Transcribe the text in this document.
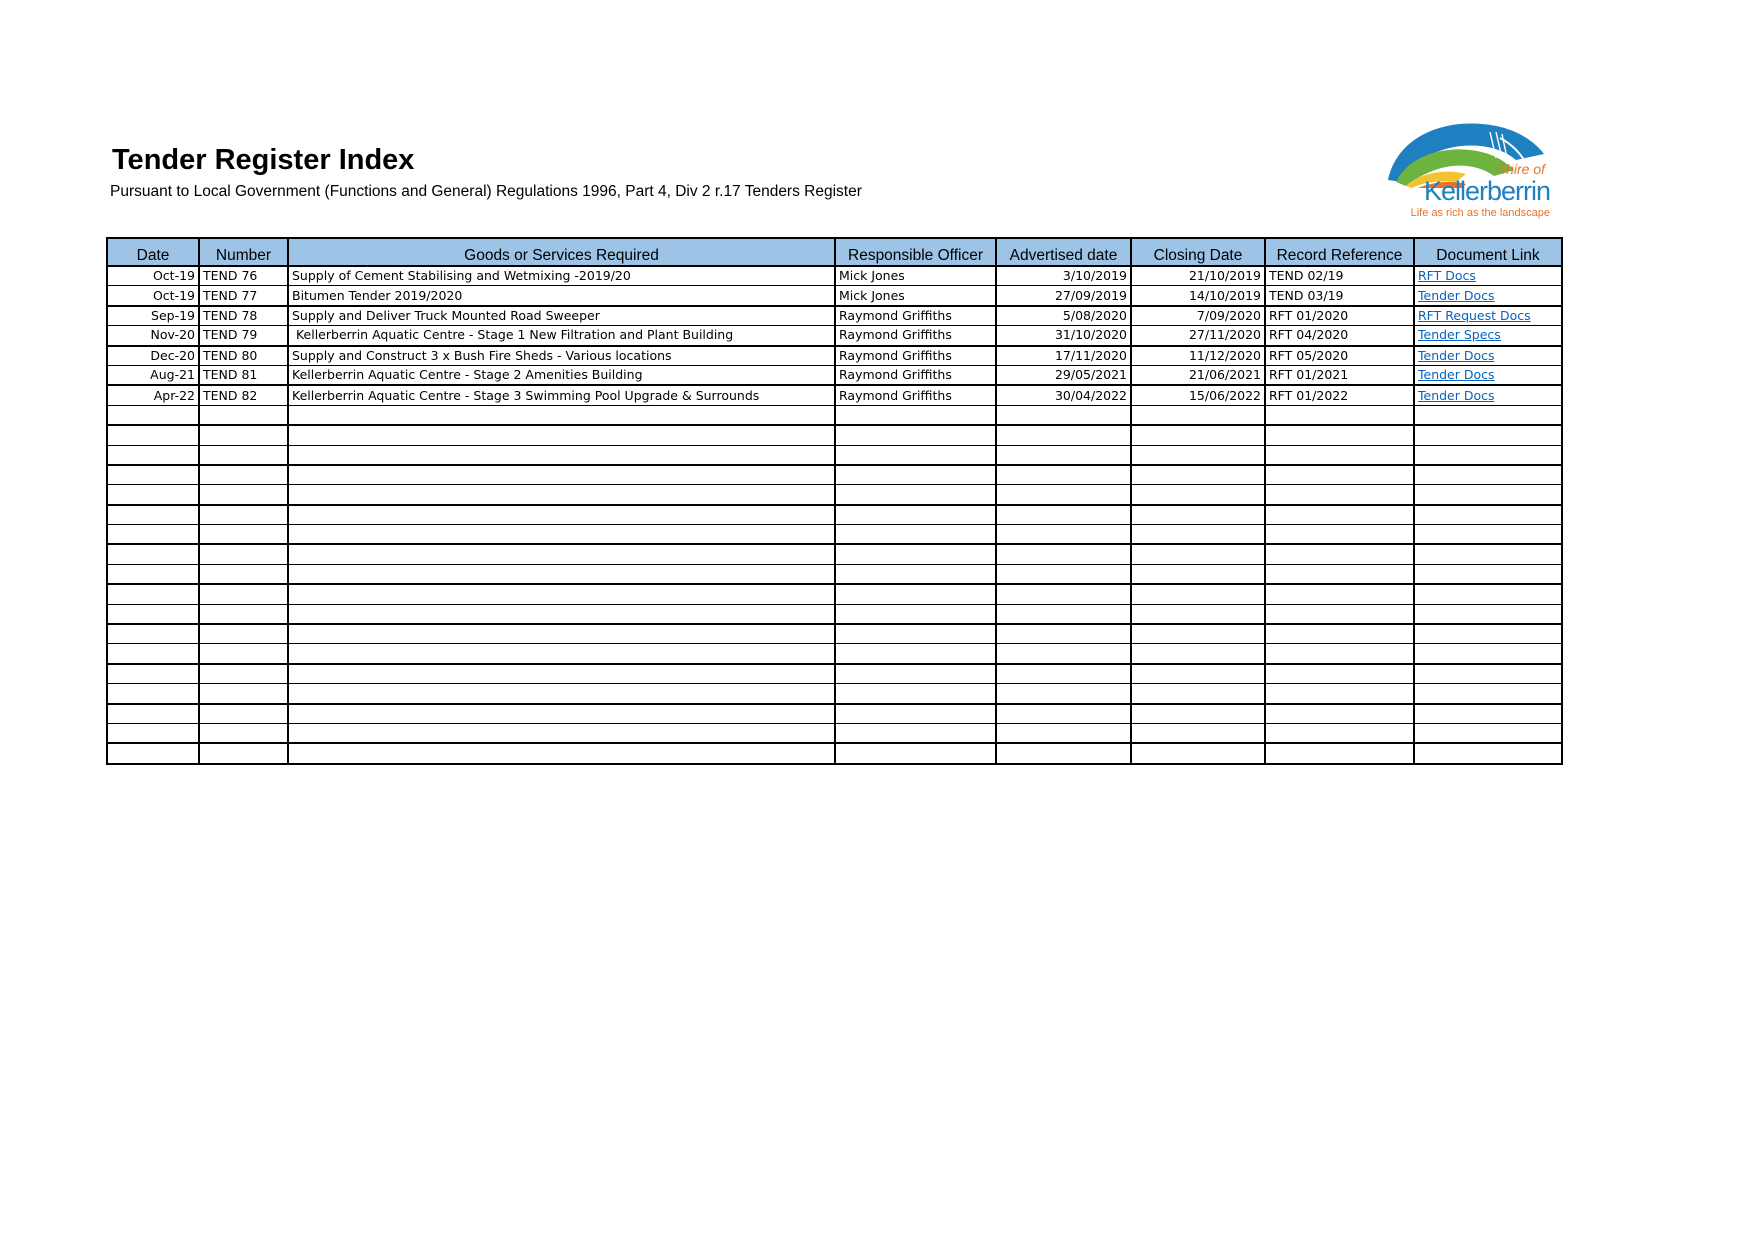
Tender Register Index
Pursuant to Local Government (Functions and General) Regulations 1996, Part 4, Div 2 r.17 Tenders Register
Shire of
Kellerberrin
Life as rich as the landscape
Date	Number	Goods or Services Required	Responsible Officer	Advertised date	Closing Date	Record Reference	Document Link
Oct-19	TEND 76	Supply of Cement Stabilising and Wetmixing -2019/20	Mick Jones	3/10/2019	21/10/2019	TEND 02/19	RFT Docs
Oct-19	TEND 77	Bitumen Tender 2019/2020	Mick Jones	27/09/2019	14/10/2019	TEND 03/19	Tender Docs
Sep-19	TEND 78	Supply and Deliver Truck Mounted Road Sweeper	Raymond Griffiths	5/08/2020	7/09/2020	RFT 01/2020	RFT Request Docs
Nov-20	TEND 79	Kellerberrin Aquatic Centre - Stage 1 New Filtration and Plant Building	Raymond Griffiths	31/10/2020	27/11/2020	RFT 04/2020	Tender Specs
Dec-20	TEND 80	Supply and Construct 3 x Bush Fire Sheds - Various locations	Raymond Griffiths	17/11/2020	11/12/2020	RFT 05/2020	Tender Docs
Aug-21	TEND 81	Kellerberrin Aquatic Centre - Stage 2 Amenities Building	Raymond Griffiths	29/05/2021	21/06/2021	RFT 01/2021	Tender Docs
Apr-22	TEND 82	Kellerberrin Aquatic Centre - Stage 3 Swimming Pool Upgrade & Surrounds	Raymond Griffiths	30/04/2022	15/06/2022	RFT 01/2022	Tender Docs
